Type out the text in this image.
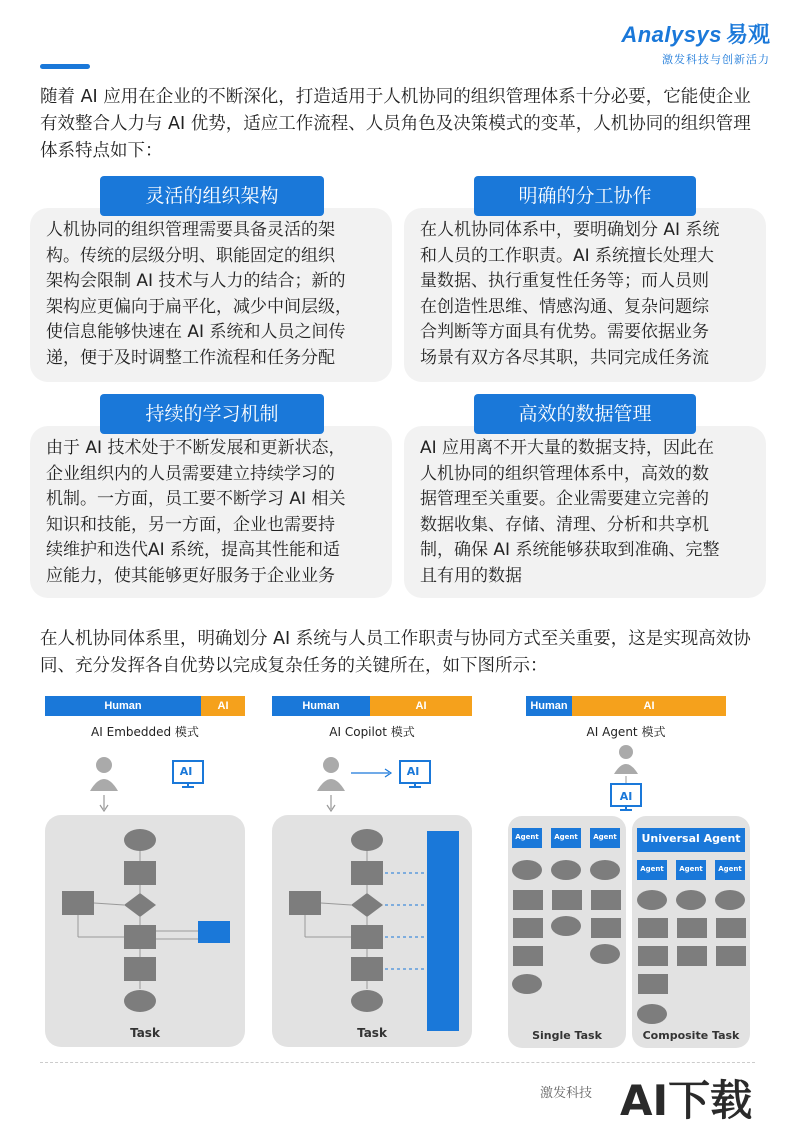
Analysys 易观
激发科技与创新活力
随着 AI 应用在企业的不断深化，打造适用于人机协同的组织管理体系十分必要，它能使企业有效整合人力与 AI 优势，适应工作流程、人员角色及决策模式的变革，人机协同的组织管理体系特点如下：
人机协同的组织管理需要具备灵活的架
构。传统的层级分明、职能固定的组织
架构会限制 AI 技术与人力的结合；新的
架构应更偏向于扁平化，减少中间层级，
使信息能够快速在 AI 系统和人员之间传
递，便于及时调整工作流程和任务分配
灵活的组织架构
在人机协同体系中，要明确划分 AI 系统
和人员的工作职责。AI 系统擅长处理大
量数据、执行重复性任务等；而人员则
在创造性思维、情感沟通、复杂问题综
合判断等方面具有优势。需要依据业务
场景有双方各尽其职，共同完成任务流
明确的分工协作
由于 AI 技术处于不断发展和更新状态，
企业组织内的人员需要建立持续学习的
机制。一方面，员工要不断学习 AI 相关
知识和技能，另一方面，企业也需要持
续维护和迭代AI 系统，提高其性能和适
应能力，使其能够更好服务于企业业务
持续的学习机制
AI 应用离不开大量的数据支持，因此在
人机协同的组织管理体系中，高效的数
据管理至关重要。企业需要建立完善的
数据收集、存储、清理、分析和共享机
制，确保 AI 系统能够获取到准确、完整
且有用的数据
高效的数据管理
在人机协同体系里，明确划分 AI 系统与人员工作职责与协同方式至关重要，这是实现高效协同、充分发挥各自优势以完成复杂任务的关键所在，如下图所示：
Human	AI
AI Embedded 模式
AI
Task
Human	AI
AI Copilot 模式
AI
Task
Human	AI
AI Agent 模式
AI
Agent	Agent	Agent	Universal Agent
Agent	Agent	Agent
Single Task	Composite Task
激发科技 AI下载
